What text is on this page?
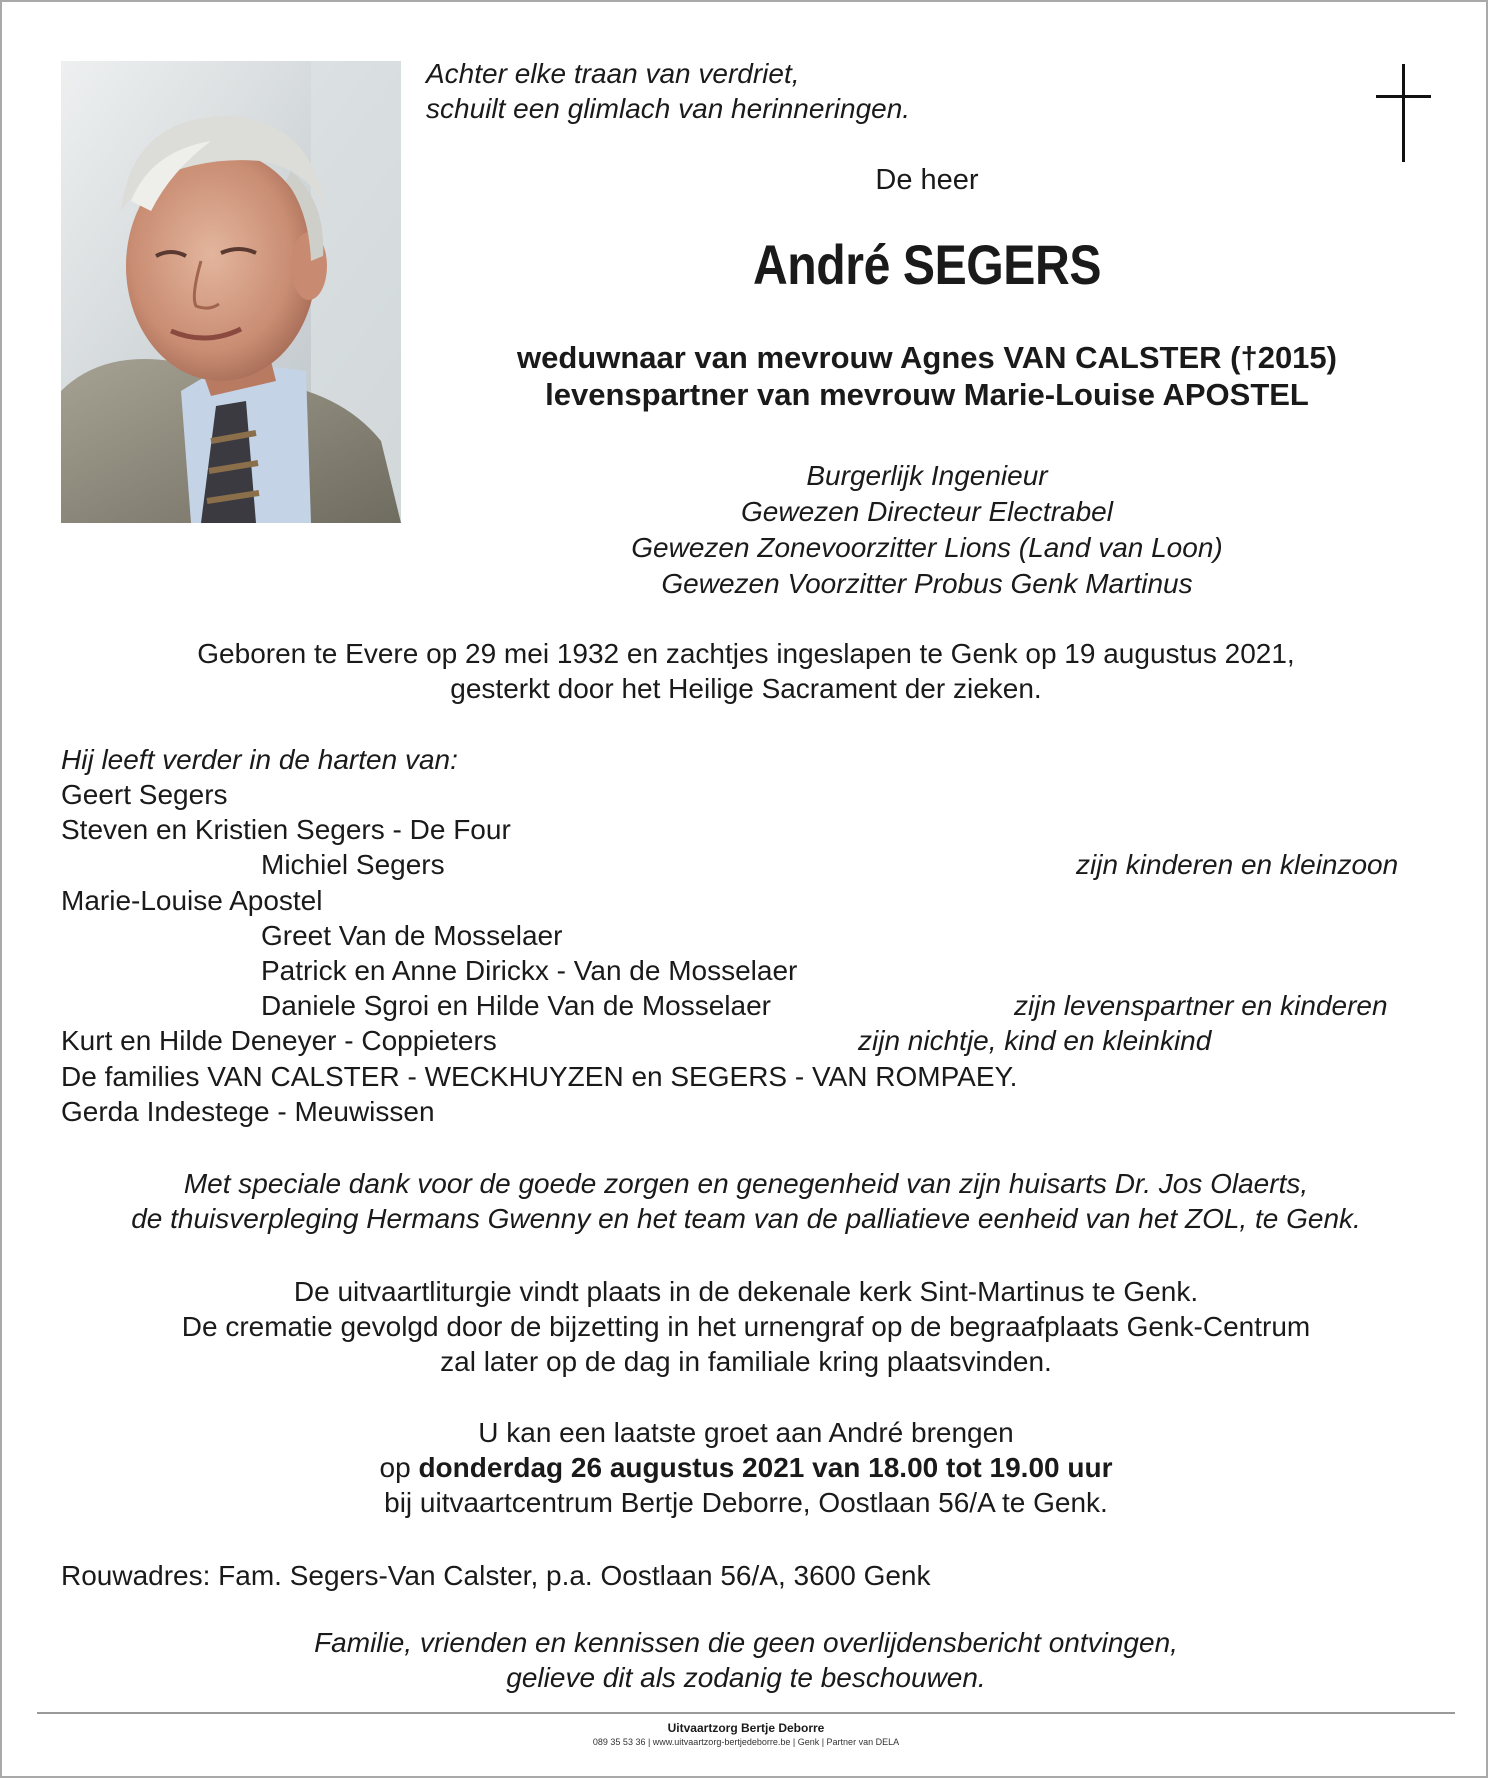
Achter elke traan van verdriet,
schuilt een glimlach van herinneringen.
De heer
André SEGERS
weduwnaar van mevrouw Agnes VAN CALSTER (†2015)
levenspartner van mevrouw Marie-Louise APOSTEL
Burgerlijk Ingenieur
Gewezen Directeur Electrabel
Gewezen Zonevoorzitter Lions (Land van Loon)
Gewezen Voorzitter Probus Genk Martinus
Geboren te Evere op 29 mei 1932 en zachtjes ingeslapen te Genk op 19 augustus 2021,
gesterkt door het Heilige Sacrament der zieken.
Hij leeft verder in de harten van:
Geert Segers
Steven en Kristien Segers - De Four
Michiel Segers	zijn kinderen en kleinzoon
Marie-Louise Apostel
Greet Van de Mosselaer
Patrick en Anne Dirickx - Van de Mosselaer
Daniele Sgroi en Hilde Van de Mosselaer	zijn levenspartner en kinderen
Kurt en Hilde Deneyer - Coppieters	zijn nichtje, kind en kleinkind
De families VAN CALSTER - WECKHUYZEN en SEGERS - VAN ROMPAEY.
Gerda Indestege - Meuwissen
Met speciale dank voor de goede zorgen en genegenheid van zijn huisarts Dr. Jos Olaerts,
de thuisverpleging Hermans Gwenny en het team van de palliatieve eenheid van het ZOL, te Genk.
De uitvaartliturgie vindt plaats in de dekenale kerk Sint-Martinus te Genk.
De crematie gevolgd door de bijzetting in het urnengraf op de begraafplaats Genk-Centrum
zal later op de dag in familiale kring plaatsvinden.
U kan een laatste groet aan André brengen
op donderdag 26 augustus 2021 van 18.00 tot 19.00 uur
bij uitvaartcentrum Bertje Deborre, Oostlaan 56/A te Genk.
Rouwadres: Fam. Segers-Van Calster, p.a. Oostlaan 56/A, 3600 Genk
Familie, vrienden en kennissen die geen overlijdensbericht ontvingen,
gelieve dit als zodanig te beschouwen.
Uitvaartzorg Bertje Deborre
089 35 53 36 | www.uitvaartzorg-bertjedeborre.be | Genk | Partner van DELA
